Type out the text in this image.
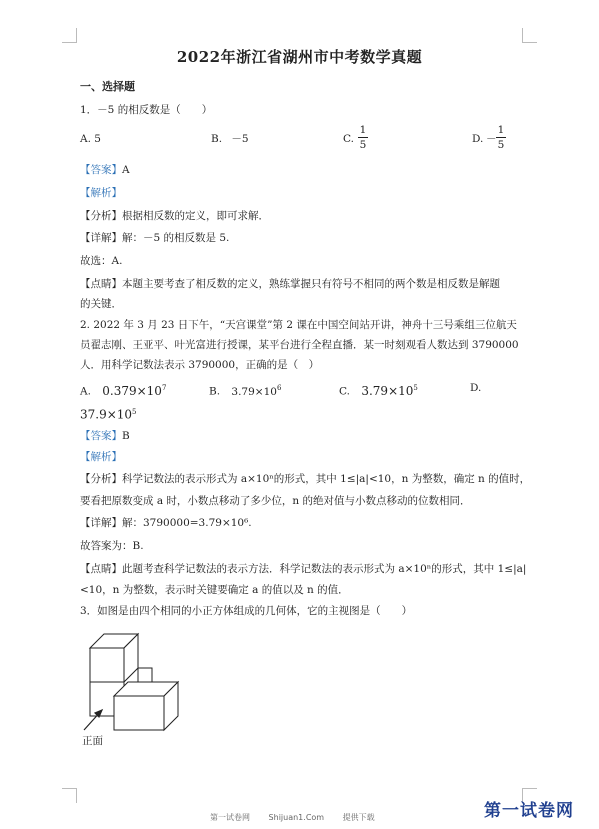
2022年浙江省湖州市中考数学真题
一、选择题
1．－5 的相反数是（　　）
A. 5	B. －5	C.
1
5	D. －
1
5
【答案】A
【解析】
【分析】根据相反数的定义，即可求解．
【详解】解：－5 的相反数是 5.
故选：A.
【点睛】本题主要考查了相反数的定义，熟练掌握只有符号不相同的两个数是相反数是解题
的关键．
2. 2022 年 3 月 23 日下午，“天宫课堂”第 2 课在中国空间站开讲，神舟十三号乘组三位航天
员翟志刚、王亚平、叶光富进行授课，某平台进行全程直播．某一时刻观看人数达到 3790000
人．用科学记数法表示 3790000，正确的是（　）
A. $0.379\times 10^7$	B. $3.79\times 10^6$	C. $3.79\times 10^5$	D.
$37.9\times 10^5$
【答案】B
【解析】
【分析】科学记数法的表示形式为 a×10ⁿ的形式，其中 1≤|a|<10，n 为整数，确定 n 的值时，
要看把原数变成 a 时，小数点移动了多少位，n 的绝对值与小数点移动的位数相同．
【详解】解：3790000=3.79×10⁶.
故答案为：B.
【点睛】此题考查科学记数法的表示方法．科学记数法的表示形式为 a×10ⁿ的形式，其中 1≤|a|
<10，n 为整数，表示时关键要确定 a 的值以及 n 的值．
3．如图是由四个相同的小正方体组成的几何体，它的主视图是（　　）
正面
第一试卷网 Shijuan1.Com 提供下载	第一试卷网
